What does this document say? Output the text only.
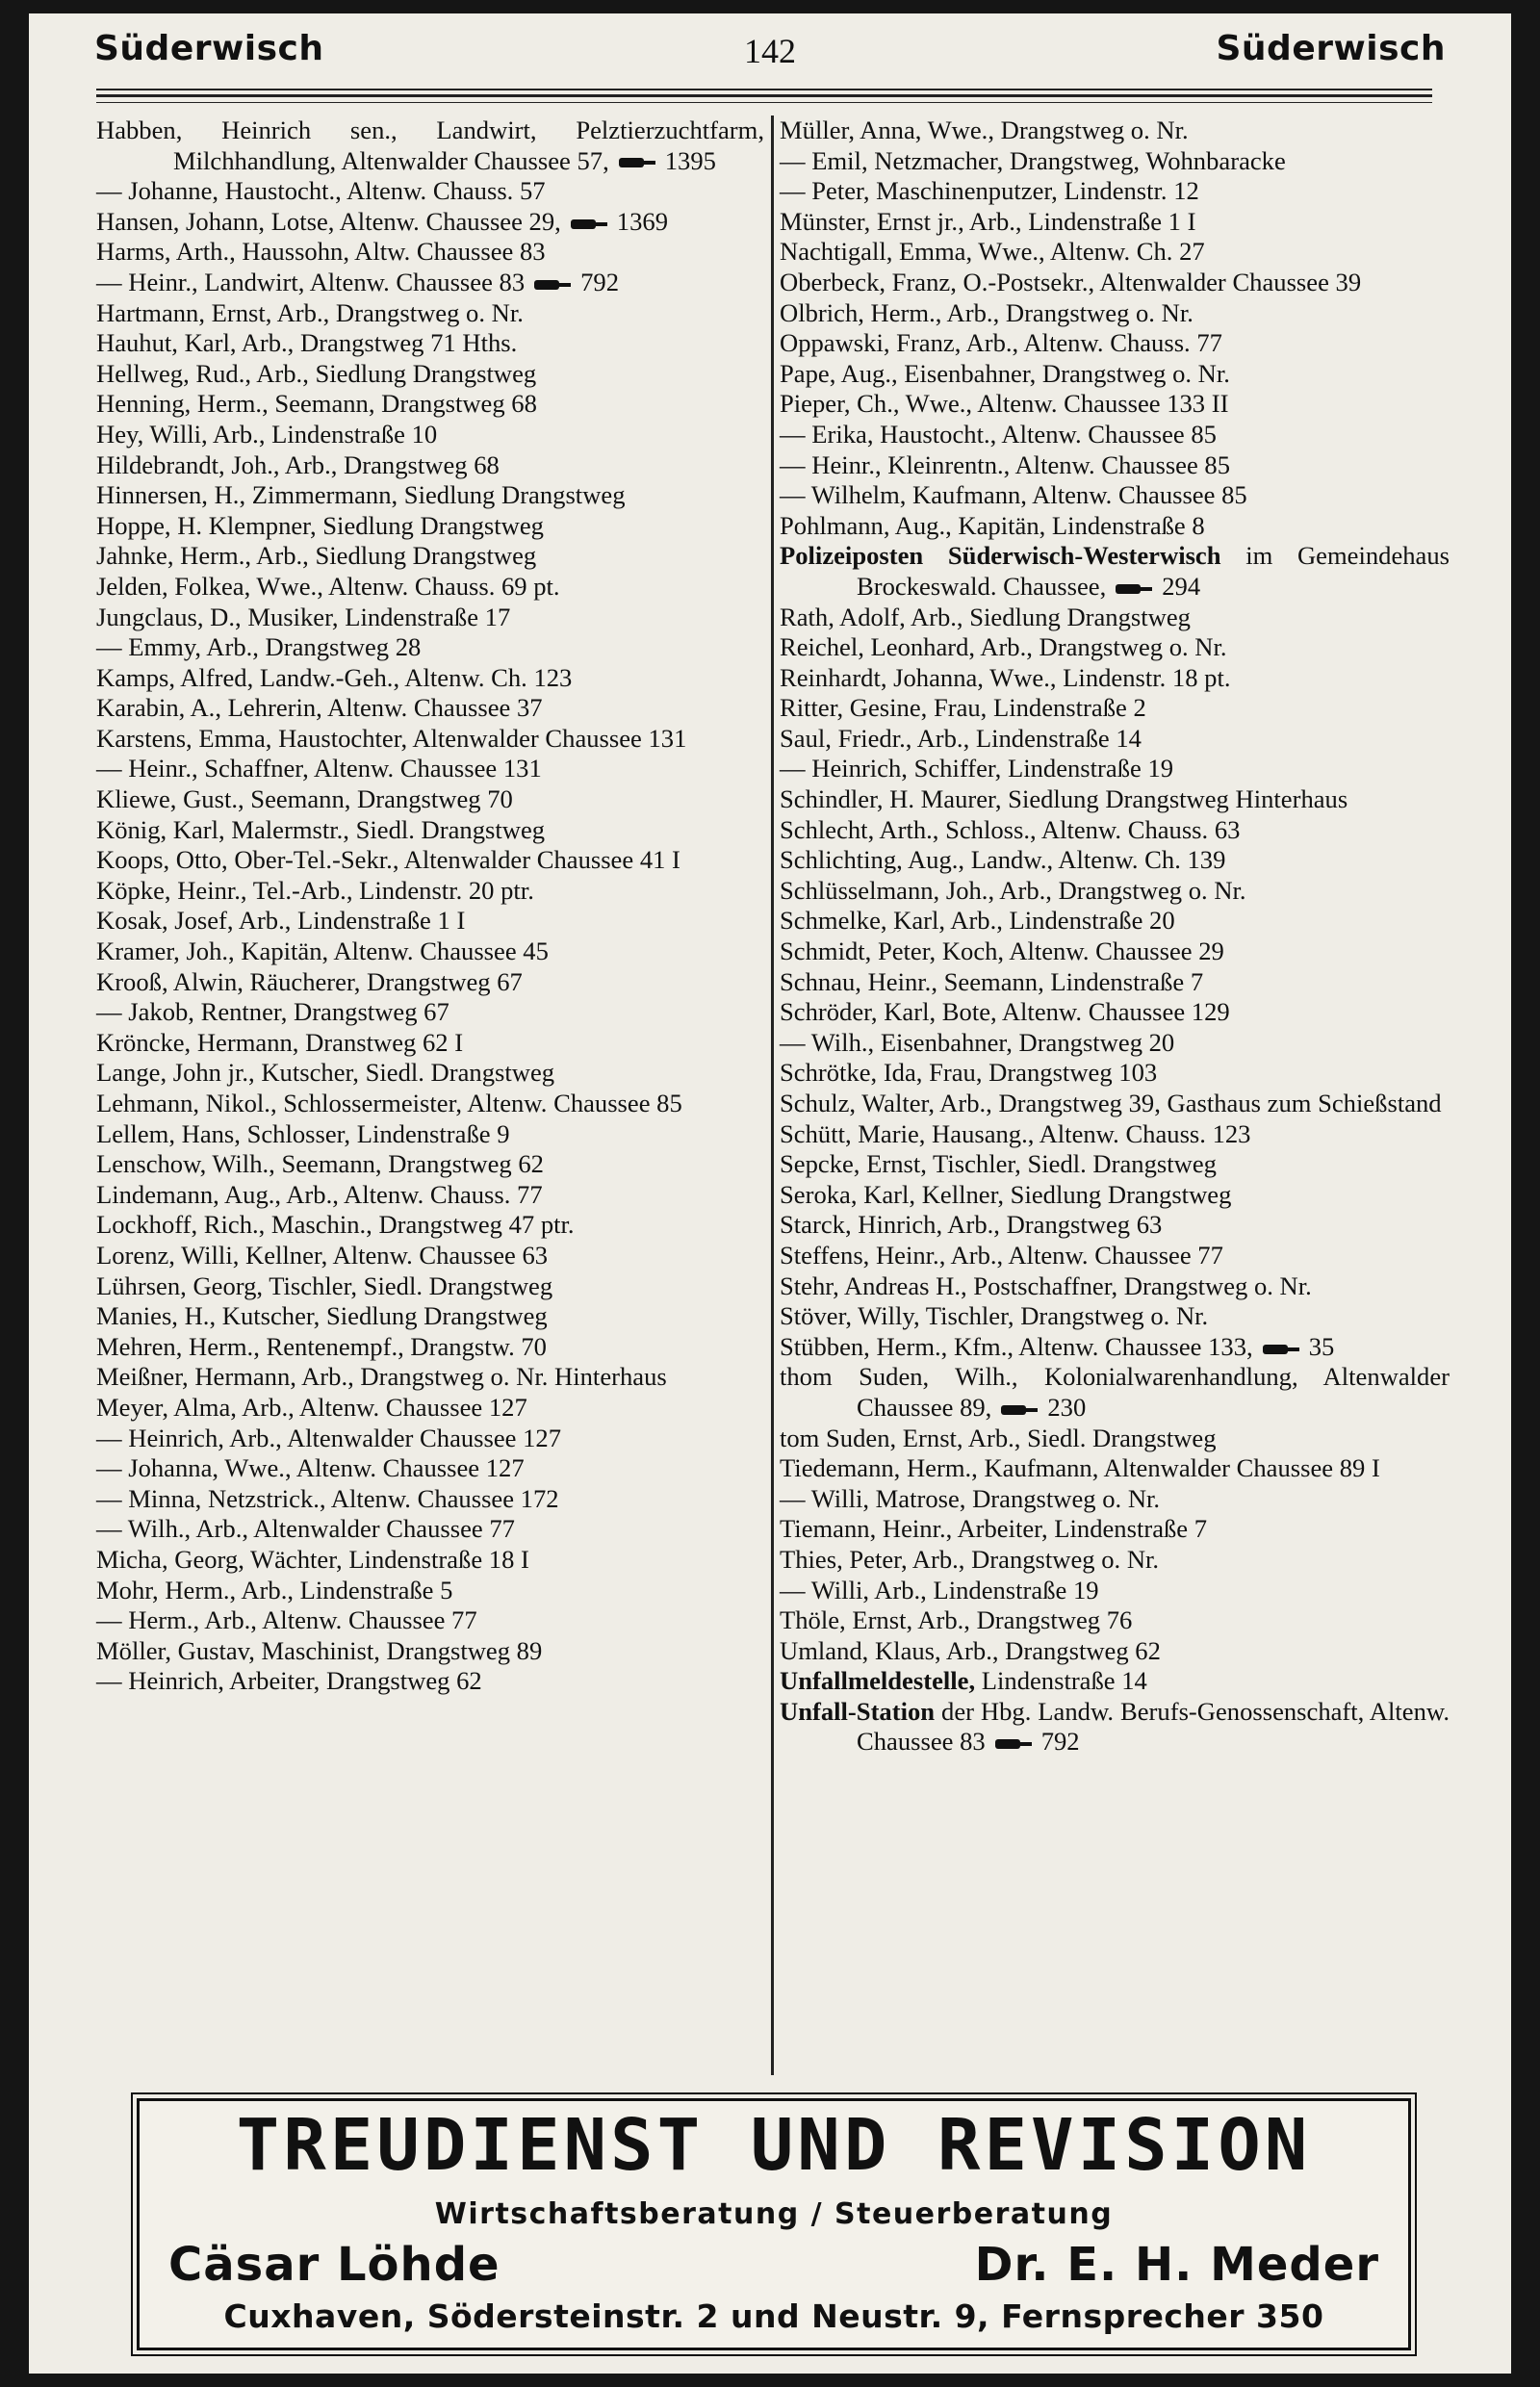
Süderwisch	142	Süderwisch
Habben, Heinrich sen., Landwirt, Pelztierzuchtfarm, Milchhandlung, Altenwalder Chaussee 57, 1395
— Johanne, Haustocht., Altenw. Chauss. 57
Hansen, Johann, Lotse, Altenw. Chaussee 29, 1369
Harms, Arth., Haussohn, Altw. Chaussee 83
— Heinr., Landwirt, Altenw. Chaussee 83 792
Hartmann, Ernst, Arb., Drangstweg o. Nr.
Hauhut, Karl, Arb., Drangstweg 71 Hths.
Hellweg, Rud., Arb., Siedlung Drangstweg
Henning, Herm., Seemann, Drangstweg 68
Hey, Willi, Arb., Lindenstraße 10
Hildebrandt, Joh., Arb., Drangstweg 68
Hinnersen, H., Zimmermann, Siedlung Drangstweg
Hoppe, H. Klempner, Siedlung Drangstweg
Jahnke, Herm., Arb., Siedlung Drangstweg
Jelden, Folkea, Wwe., Altenw. Chauss. 69 pt.
Jungclaus, D., Musiker, Lindenstraße 17
— Emmy, Arb., Drangstweg 28
Kamps, Alfred, Landw.-Geh., Altenw. Ch. 123
Karabin, A., Lehrerin, Altenw. Chaussee 37
Karstens, Emma, Haustochter, Altenwalder Chaussee 131
— Heinr., Schaffner, Altenw. Chaussee 131
Kliewe, Gust., Seemann, Drangstweg 70
König, Karl, Malermstr., Siedl. Drangstweg
Koops, Otto, Ober-Tel.-Sekr., Altenwalder Chaussee 41 I
Köpke, Heinr., Tel.-Arb., Lindenstr. 20 ptr.
Kosak, Josef, Arb., Lindenstraße 1 I
Kramer, Joh., Kapitän, Altenw. Chaussee 45
Krooß, Alwin, Räucherer, Drangstweg 67
— Jakob, Rentner, Drangstweg 67
Kröncke, Hermann, Dranstweg 62 I
Lange, John jr., Kutscher, Siedl. Drangstweg
Lehmann, Nikol., Schlossermeister, Altenw. Chaussee 85
Lellem, Hans, Schlosser, Lindenstraße 9
Lenschow, Wilh., Seemann, Drangstweg 62
Lindemann, Aug., Arb., Altenw. Chauss. 77
Lockhoff, Rich., Maschin., Drangstweg 47 ptr.
Lorenz, Willi, Kellner, Altenw. Chaussee 63
Lührsen, Georg, Tischler, Siedl. Drangstweg
Manies, H., Kutscher, Siedlung Drangstweg
Mehren, Herm., Rentenempf., Drangstw. 70
Meißner, Hermann, Arb., Drangstweg o. Nr. Hinterhaus
Meyer, Alma, Arb., Altenw. Chaussee 127
— Heinrich, Arb., Altenwalder Chaussee 127
— Johanna, Wwe., Altenw. Chaussee 127
— Minna, Netzstrick., Altenw. Chaussee 172
— Wilh., Arb., Altenwalder Chaussee 77
Micha, Georg, Wächter, Lindenstraße 18 I
Mohr, Herm., Arb., Lindenstraße 5
— Herm., Arb., Altenw. Chaussee 77
Möller, Gustav, Maschinist, Drangstweg 89
— Heinrich, Arbeiter, Drangstweg 62
Müller, Anna, Wwe., Drangstweg o. Nr.
— Emil, Netzmacher, Drangstweg, Wohnbaracke
— Peter, Maschinenputzer, Lindenstr. 12
Münster, Ernst jr., Arb., Lindenstraße 1 I
Nachtigall, Emma, Wwe., Altenw. Ch. 27
Oberbeck, Franz, O.-Postsekr., Altenwalder Chaussee 39
Olbrich, Herm., Arb., Drangstweg o. Nr.
Oppawski, Franz, Arb., Altenw. Chauss. 77
Pape, Aug., Eisenbahner, Drangstweg o. Nr.
Pieper, Ch., Wwe., Altenw. Chaussee 133 II
— Erika, Haustocht., Altenw. Chaussee 85
— Heinr., Kleinrentn., Altenw. Chaussee 85
— Wilhelm, Kaufmann, Altenw. Chaussee 85
Pohlmann, Aug., Kapitän, Lindenstraße 8
Polizeiposten Süderwisch-Westerwisch im Gemeindehaus Brockeswald. Chaussee, 294
Rath, Adolf, Arb., Siedlung Drangstweg
Reichel, Leonhard, Arb., Drangstweg o. Nr.
Reinhardt, Johanna, Wwe., Lindenstr. 18 pt.
Ritter, Gesine, Frau, Lindenstraße 2
Saul, Friedr., Arb., Lindenstraße 14
— Heinrich, Schiffer, Lindenstraße 19
Schindler, H. Maurer, Siedlung Drangstweg Hinterhaus
Schlecht, Arth., Schloss., Altenw. Chauss. 63
Schlichting, Aug., Landw., Altenw. Ch. 139
Schlüsselmann, Joh., Arb., Drangstweg o. Nr.
Schmelke, Karl, Arb., Lindenstraße 20
Schmidt, Peter, Koch, Altenw. Chaussee 29
Schnau, Heinr., Seemann, Lindenstraße 7
Schröder, Karl, Bote, Altenw. Chaussee 129
— Wilh., Eisenbahner, Drangstweg 20
Schrötke, Ida, Frau, Drangstweg 103
Schulz, Walter, Arb., Drangstweg 39, Gasthaus zum Schießstand
Schütt, Marie, Hausang., Altenw. Chauss. 123
Sepcke, Ernst, Tischler, Siedl. Drangstweg
Seroka, Karl, Kellner, Siedlung Drangstweg
Starck, Hinrich, Arb., Drangstweg 63
Steffens, Heinr., Arb., Altenw. Chaussee 77
Stehr, Andreas H., Postschaffner, Drangstweg o. Nr.
Stöver, Willy, Tischler, Drangstweg o. Nr.
Stübben, Herm., Kfm., Altenw. Chaussee 133, 35
thom Suden, Wilh., Kolonialwarenhandlung, Altenwalder Chaussee 89, 230
tom Suden, Ernst, Arb., Siedl. Drangstweg
Tiedemann, Herm., Kaufmann, Altenwalder Chaussee 89 I
— Willi, Matrose, Drangstweg o. Nr.
Tiemann, Heinr., Arbeiter, Lindenstraße 7
Thies, Peter, Arb., Drangstweg o. Nr.
— Willi, Arb., Lindenstraße 19
Thöle, Ernst, Arb., Drangstweg 76
Umland, Klaus, Arb., Drangstweg 62
Unfallmeldestelle, Lindenstraße 14
Unfall-Station der Hbg. Landw. Berufs-Genossenschaft, Altenw. Chaussee 83 792
TREUDIENST UND REVISION
Wirtschaftsberatung / Steuerberatung
Cäsar Löhde	Dr. E. H. Meder
Cuxhaven, Södersteinstr. 2 und Neustr. 9, Fernsprecher 350
